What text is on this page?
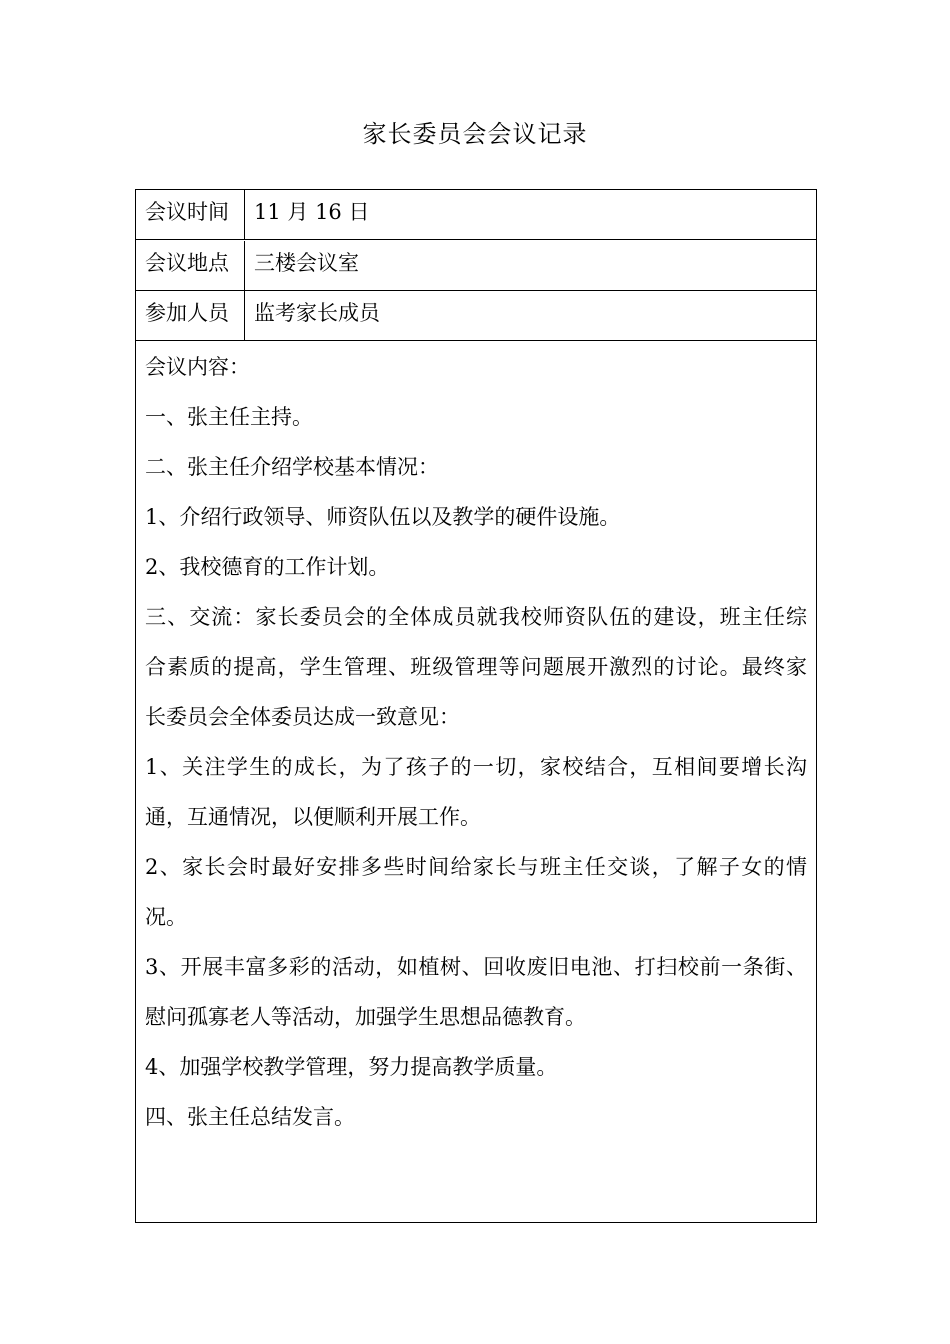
家长委员会会议记录
会议时间	11 月 16 日
会议地点	三楼会议室
参加人员	监考家长成员
会议内容：
一、张主任主持。
二、张主任介绍学校基本情况：
1、介绍行政领导、师资队伍以及教学的硬件设施。
2、我校德育的工作计划。
三、交流：家长委员会的全体成员就我校师资队伍的建设，班主任综
合素质的提高，学生管理、班级管理等问题展开激烈的讨论。最终家
长委员会全体委员达成一致意见：
1、关注学生的成长，为了孩子的一切，家校结合，互相间要增长沟
通，互通情况，以便顺利开展工作。
2、家长会时最好安排多些时间给家长与班主任交谈，了解子女的情
况。
3、开展丰富多彩的活动，如植树、回收废旧电池、打扫校前一条街、
慰问孤寡老人等活动，加强学生思想品德教育。
4、加强学校教学管理，努力提高教学质量。
四、张主任总结发言。
